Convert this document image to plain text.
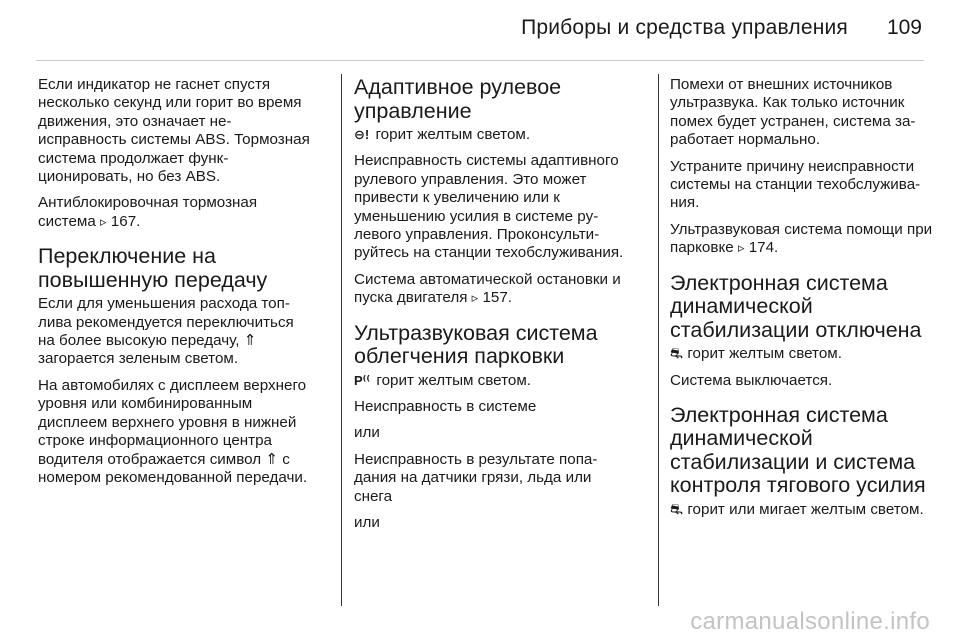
Приборы и средства управления 109

Если индикатор не гаснет спустя несколько секунд или горит во время движения, это означает неисправность системы ABS. Тормозная система продолжает функционировать, но без ABS.

Антиблокировочная тормозная система ▹ 167.

Переключение на повышенную передачу

Если для уменьшения расхода топлива рекомендуется переключиться на более высокую передачу, ⇑ загорается зеленым светом.

На автомобилях с дисплеем верхнего уровня или комбинированным дисплеем верхнего уровня в нижней строке информационного центра водителя отображается символ ⇑ с номером рекомендованной передачи.

Адаптивное рулевое управление

⊖! горит желтым светом.

Неисправность системы адаптивного рулевого управления. Это может привести к увеличению или к уменьшению усилия в системе рулевого управления. Проконсультируйтесь на станции техобслуживания.

Система автоматической остановки и пуска двигателя ▹ 157.

Ультразвуковая система облегчения парковки

P⁽⁽ горит желтым светом.

Неисправность в системе

или

Неисправность в результате попадания на датчики грязи, льда или снега

или

Помехи от внешних источников ультразвука. Как только источник помех будет устранен, система заработает нормально.

Устраните причину неисправности системы на станции техобслуживания.

Ультразвуковая система помощи при парковке ▹ 174.

Электронная система динамической стабилизации отключена

⛐ горит желтым светом.

Система выключается.

Электронная система динамической стабилизации и система контроля тягового усилия

⛐ горит или мигает желтым светом.

carmanualsonline.info
